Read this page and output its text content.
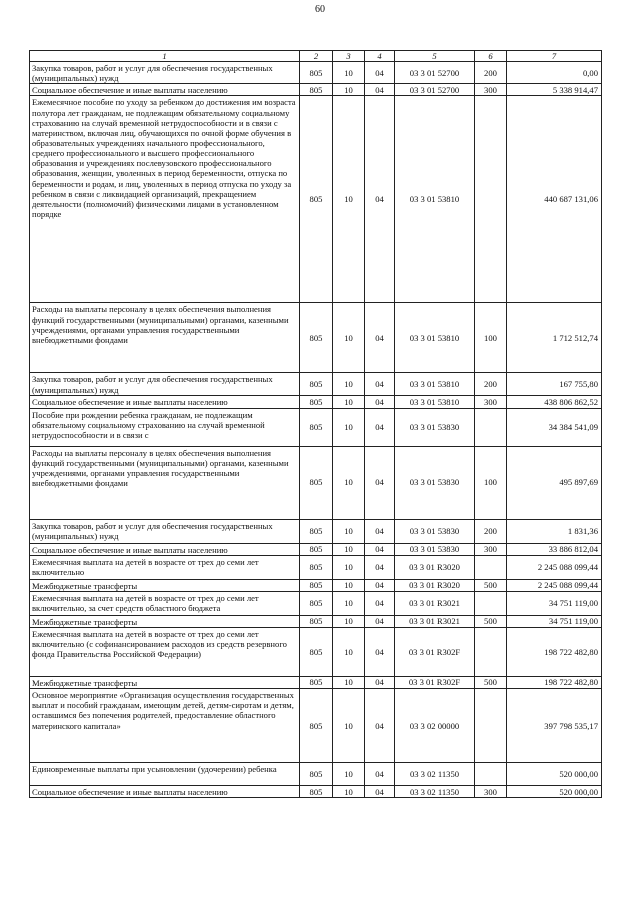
60
1	2	3	4	5	6	7
Закупка товаров, работ и услуг для обеспечения государственных (муниципальных) нужд	805	10	04	03 3 01 52700	200	0,00
Социальное обеспечение и иные выплаты населению	805	10	04	03 3 01 52700	300	5 338 914,47
Ежемесячное пособие по уходу за ребенком до достижения им возраста полутора лет гражданам, не подлежащим обязательному социальному страхованию на случай временной нетрудоспособности и в связи с материнством, включая лиц, обучающихся по очной форме обучения в образовательных учреждениях начального профессионального, среднего профессионального и высшего профессионального образования и учреждениях послевузовского профессионального образования, женщин, уволенных в период беременности, отпуска по беременности и родам, и лиц, уволенных в период отпуска по уходу за ребенком в связи с ликвидацией организаций, прекращением деятельности (полномочий) физическими лицами в установленном порядке	805	10	04	03 3 01 53810		440 687 131,06
Расходы на выплаты персоналу в целях обеспечения выполнения функций государственными (муниципальными) органами, казенными учреждениями, органами управления государственными внебюджетными фондами	805	10	04	03 3 01 53810	100	1 712 512,74
Закупка товаров, работ и услуг для обеспечения государственных (муниципальных) нужд	805	10	04	03 3 01 53810	200	167 755,80
Социальное обеспечение и иные выплаты населению	805	10	04	03 3 01 53810	300	438 806 862,52
Пособие при рождении ребенка гражданам, не подлежащим обязательному социальному страхованию на случай временной нетрудоспособности и в связи с	805	10	04	03 3 01 53830		34 384 541,09
Расходы на выплаты персоналу в целях обеспечения выполнения функций государственными (муниципальными) органами, казенными учреждениями, органами управления государственными внебюджетными фондами	805	10	04	03 3 01 53830	100	495 897,69
Закупка товаров, работ и услуг для обеспечения государственных (муниципальных) нужд	805	10	04	03 3 01 53830	200	1 831,36
Социальное обеспечение и иные выплаты населению	805	10	04	03 3 01 53830	300	33 886 812,04
Ежемесячная выплата на детей в возрасте от трех до семи лет включительно	805	10	04	03 3 01 R3020		2 245 088 099,44
Межбюджетные трансферты	805	10	04	03 3 01 R3020	500	2 245 088 099,44
Ежемесячная выплата на детей в возрасте от трех до семи лет включительно, за счет средств областного бюджета	805	10	04	03 3 01 R3021		34 751 119,00
Межбюджетные трансферты	805	10	04	03 3 01 R3021	500	34 751 119,00
Ежемесячная выплата на детей в возрасте от трех до семи лет включительно (с софинансированием расходов из средств резервного фонда Правительства Российской Федерации)	805	10	04	03 3 01 R302F		198 722 482,80
Межбюджетные трансферты	805	10	04	03 3 01 R302F	500	198 722 482,80
Основное мероприятие «Организация осуществления государственных выплат и пособий гражданам, имеющим детей, детям-сиротам и детям, оставшимся без попечения родителей, предоставление областного материнского капитала»	805	10	04	03 3 02 00000		397 798 535,17
Единовременные выплаты при усыновлении (удочерении) ребенка	805	10	04	03 3 02 11350		520 000,00
Социальное обеспечение и иные выплаты населению	805	10	04	03 3 02 11350	300	520 000,00
